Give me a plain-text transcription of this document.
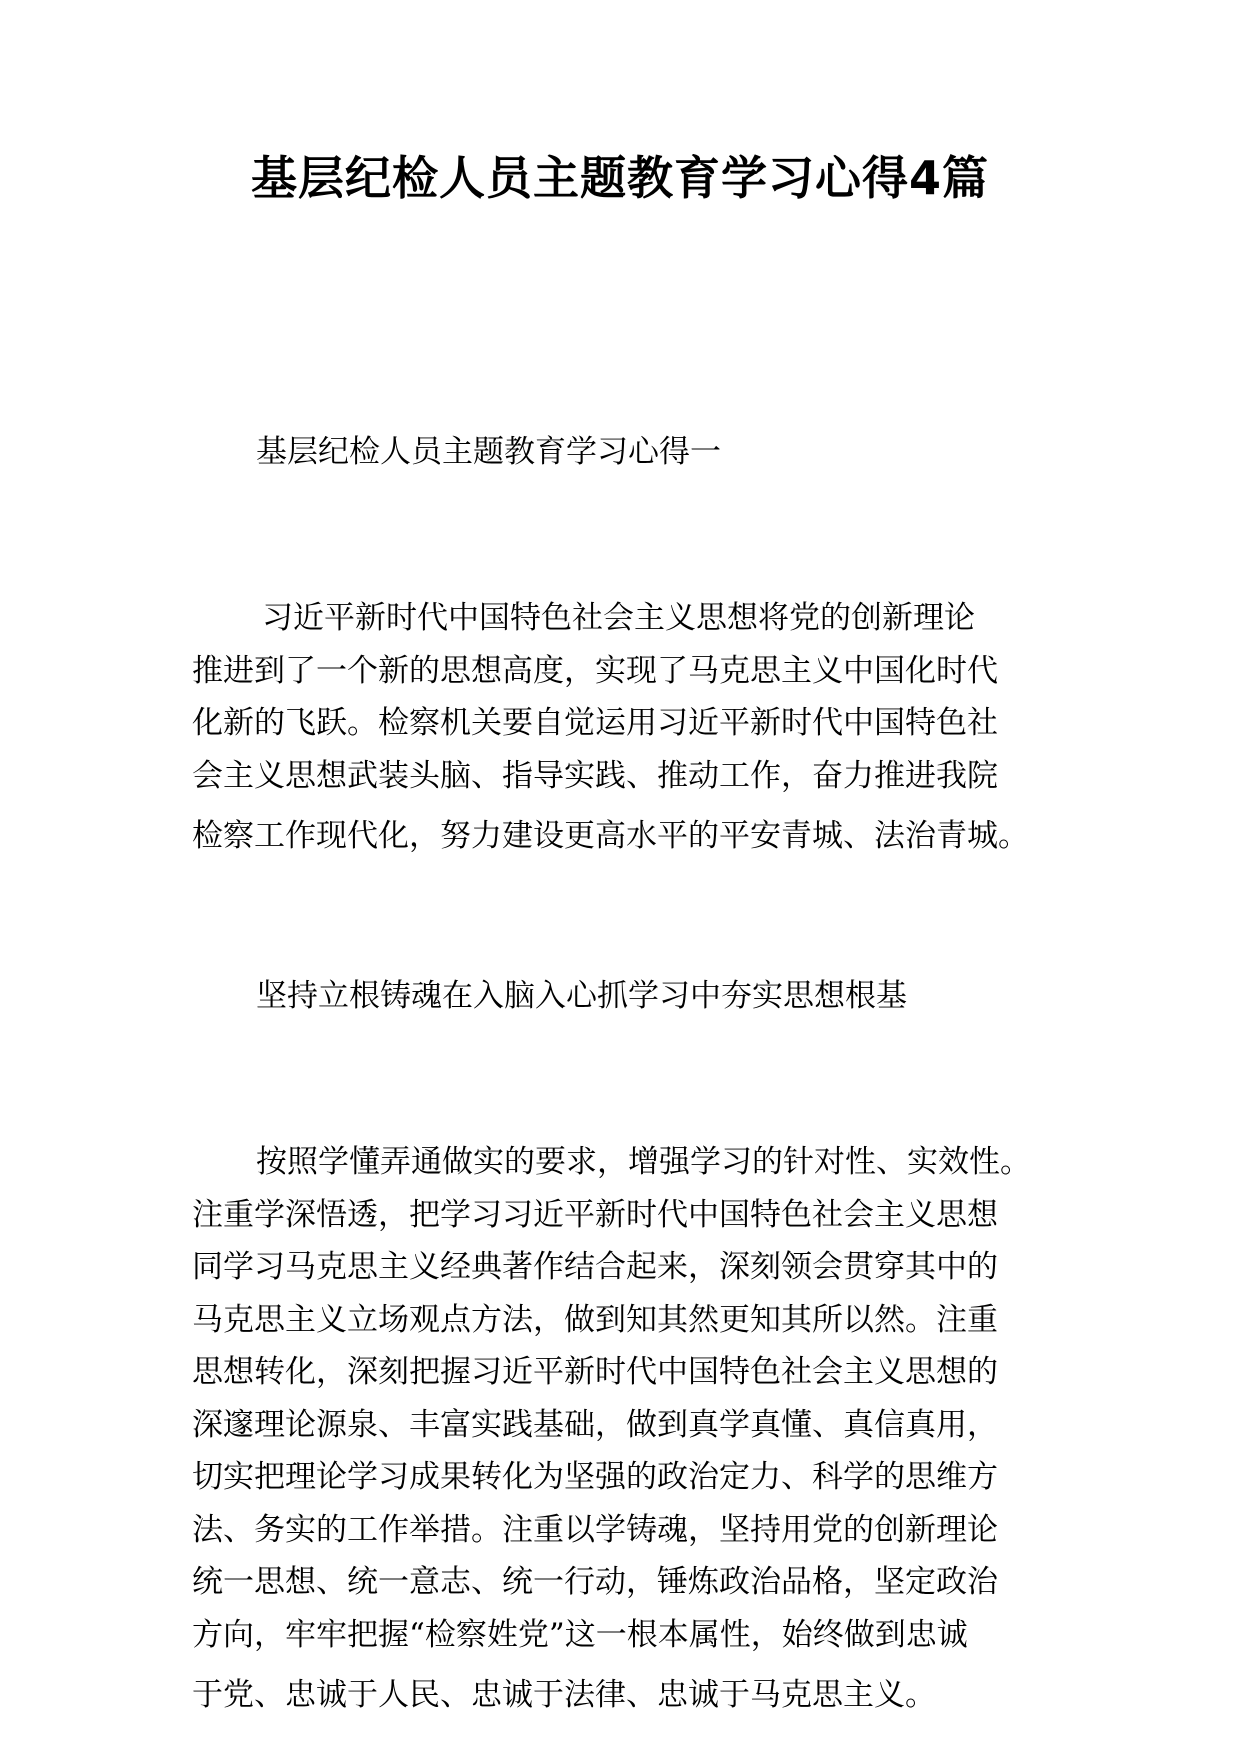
基层纪检人员主题教育学习心得4篇

基层纪检人员主题教育学习心得一

习近平新时代中国特色社会主义思想将党的创新理论
推进到了一个新的思想高度，实现了马克思主义中国化时代
化新的飞跃。检察机关要自觉运用习近平新时代中国特色社
会主义思想武装头脑、指导实践、推动工作，奋力推进我院
检察工作现代化，努力建设更高水平的平安青城、法治青城。

坚持立根铸魂在入脑入心抓学习中夯实思想根基

按照学懂弄通做实的要求，增强学习的针对性、实效性。
注重学深悟透，把学习习近平新时代中国特色社会主义思想
同学习马克思主义经典著作结合起来，深刻领会贯穿其中的
马克思主义立场观点方法，做到知其然更知其所以然。注重
思想转化，深刻把握习近平新时代中国特色社会主义思想的
深邃理论源泉、丰富实践基础，做到真学真懂、真信真用，
切实把理论学习成果转化为坚强的政治定力、科学的思维方
法、务实的工作举措。注重以学铸魂，坚持用党的创新理论
统一思想、统一意志、统一行动，锤炼政治品格，坚定政治
方向，牢牢把握“检察姓党”这一根本属性，始终做到忠诚
于党、忠诚于人民、忠诚于法律、忠诚于马克思主义。
